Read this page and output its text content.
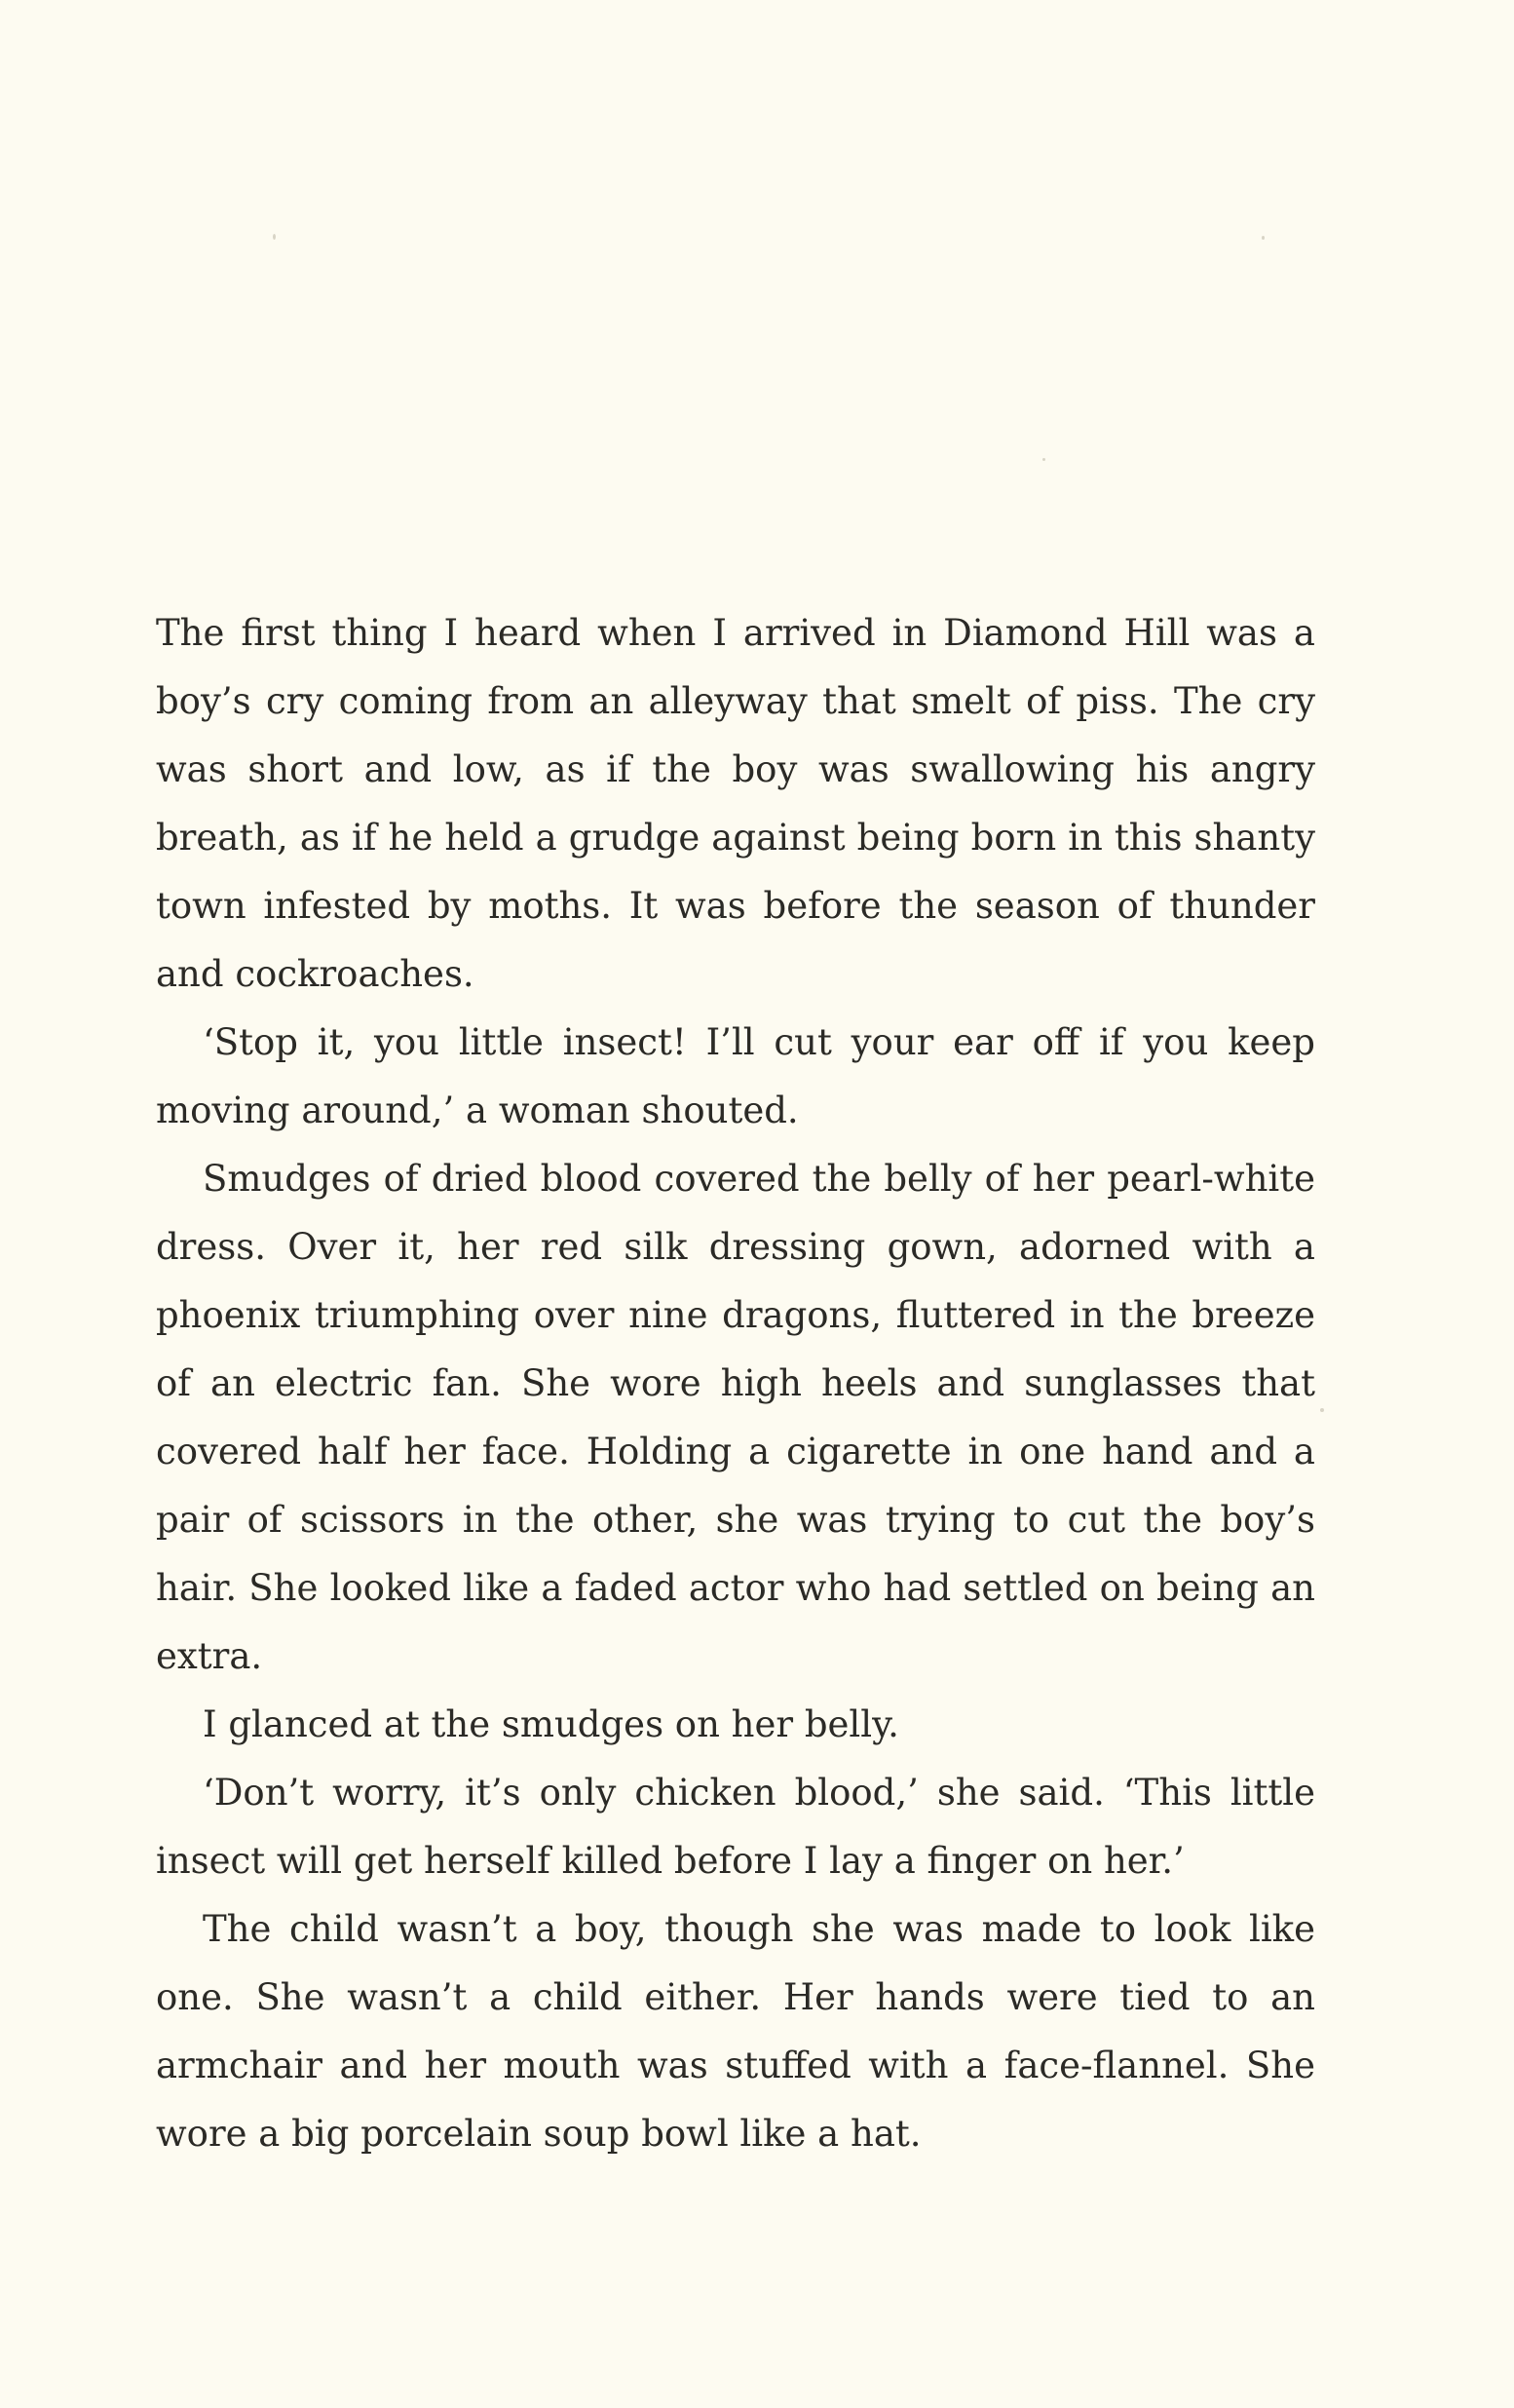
The first thing I heard when I arrived in Diamond Hill was a boy’s cry coming from an alleyway that smelt of piss. The cry was short and low, as if the boy was swallowing his angry breath, as if he held a grudge against being born in this shanty town infested by moths. It was before the season of thunder and cockroaches.

‘Stop it, you little insect! I’ll cut your ear off if you keep moving around,’ a woman shouted.

Smudges of dried blood covered the belly of her pearl-white dress. Over it, her red silk dressing gown, adorned with a phoenix triumphing over nine dragons, fluttered in the breeze of an electric fan. She wore high heels and sunglasses that covered half her face. Holding a cigarette in one hand and a pair of scissors in the other, she was trying to cut the boy’s hair. She looked like a faded actor who had settled on being an extra.

I glanced at the smudges on her belly.

‘Don’t worry, it’s only chicken blood,’ she said. ‘This little insect will get herself killed before I lay a finger on her.’

The child wasn’t a boy, though she was made to look like one. She wasn’t a child either. Her hands were tied to an armchair and her mouth was stuffed with a face-flannel. She wore a big porcelain soup bowl like a hat.
